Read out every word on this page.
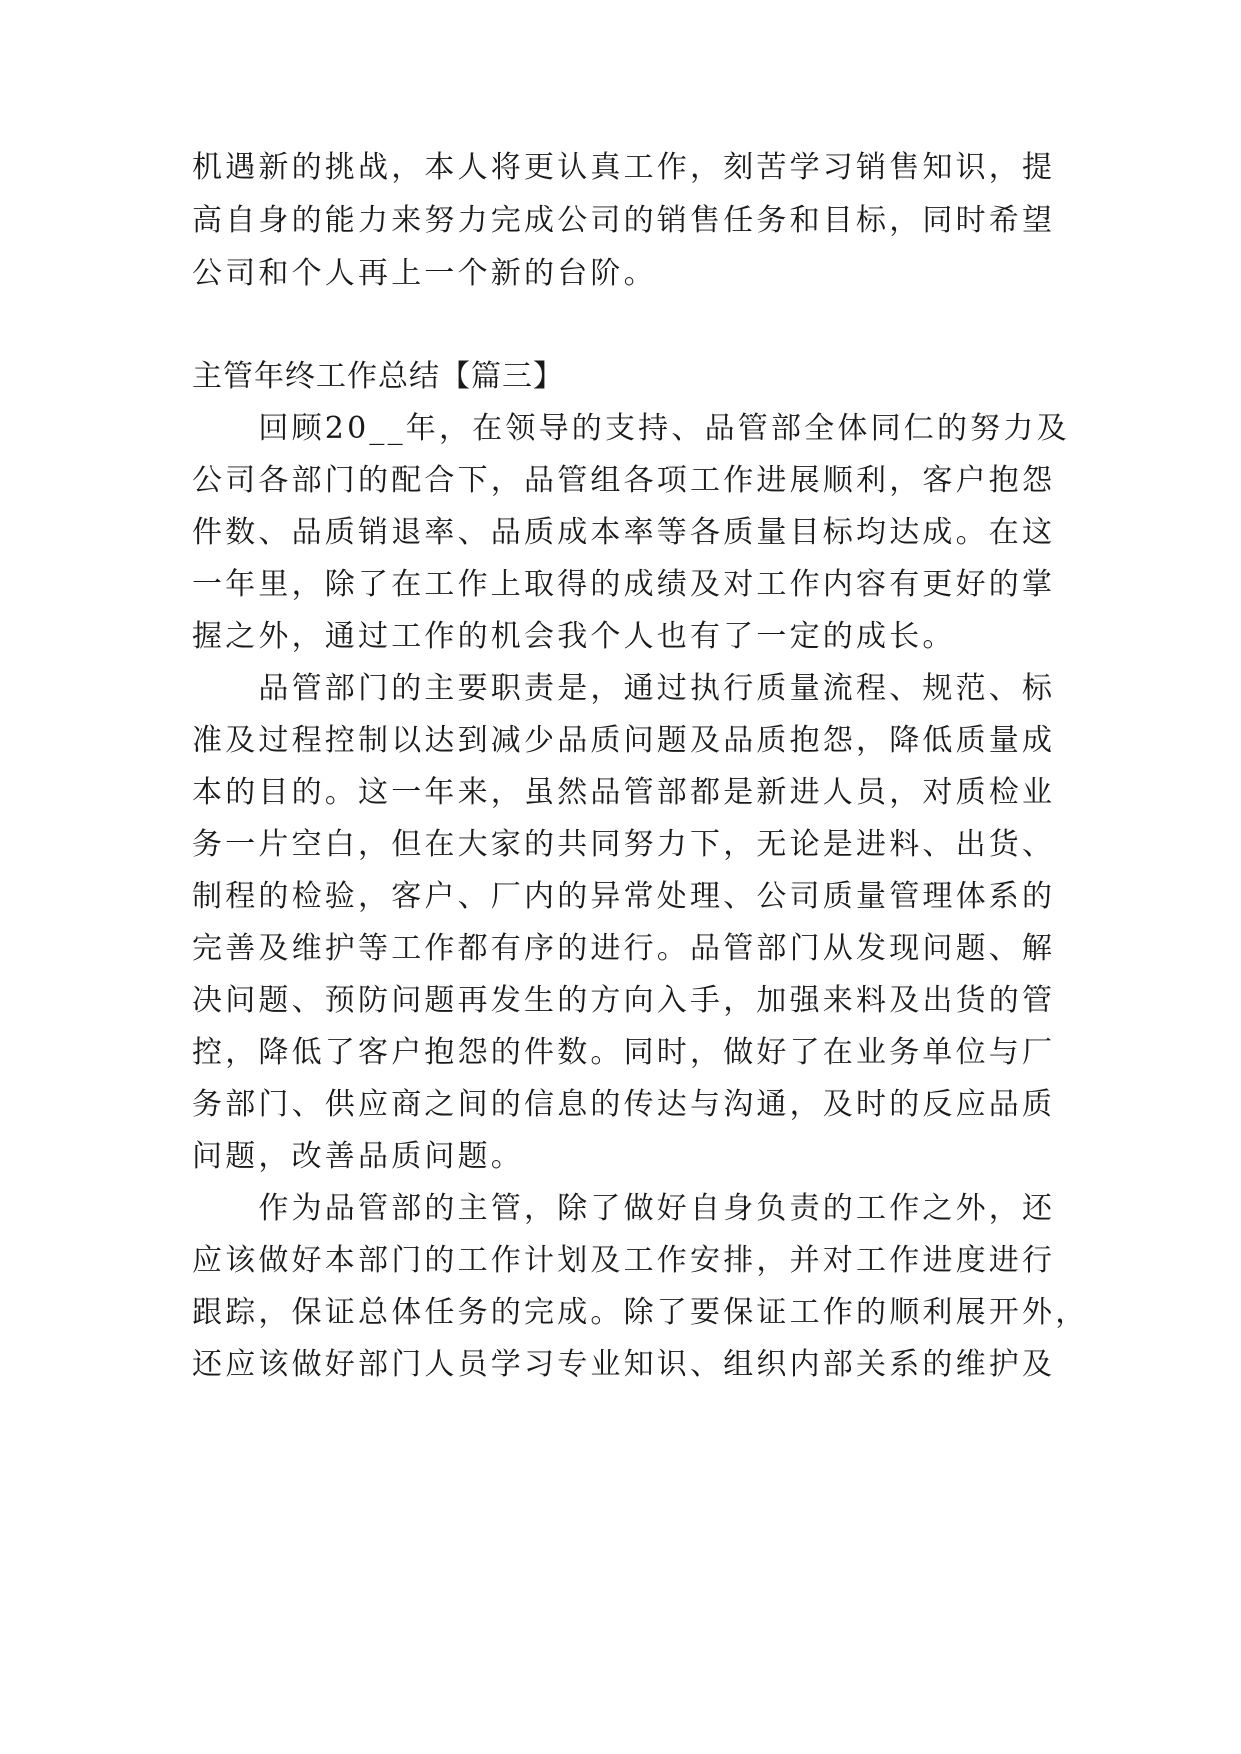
机遇新的挑战，本人将更认真工作，刻苦学习销售知识，提
高自身的能力来努力完成公司的销售任务和目标，同时希望
公司和个人再上一个新的台阶。
主管年终工作总结【篇三】
　　回顾20__年，在领导的支持、品管部全体同仁的努力及
公司各部门的配合下，品管组各项工作进展顺利，客户抱怨
件数、品质销退率、品质成本率等各质量目标均达成。在这
一年里，除了在工作上取得的成绩及对工作内容有更好的掌
握之外，通过工作的机会我个人也有了一定的成长。
　　品管部门的主要职责是，通过执行质量流程、规范、标
准及过程控制以达到减少品质问题及品质抱怨，降低质量成
本的目的。这一年来，虽然品管部都是新进人员，对质检业
务一片空白，但在大家的共同努力下，无论是进料、出货、
制程的检验，客户、厂内的异常处理、公司质量管理体系的
完善及维护等工作都有序的进行。品管部门从发现问题、解
决问题、预防问题再发生的方向入手，加强来料及出货的管
控，降低了客户抱怨的件数。同时，做好了在业务单位与厂
务部门、供应商之间的信息的传达与沟通，及时的反应品质
问题，改善品质问题。
　　作为品管部的主管，除了做好自身负责的工作之外，还
应该做好本部门的工作计划及工作安排，并对工作进度进行
跟踪，保证总体任务的完成。除了要保证工作的顺利展开外，
还应该做好部门人员学习专业知识、组织内部关系的维护及
